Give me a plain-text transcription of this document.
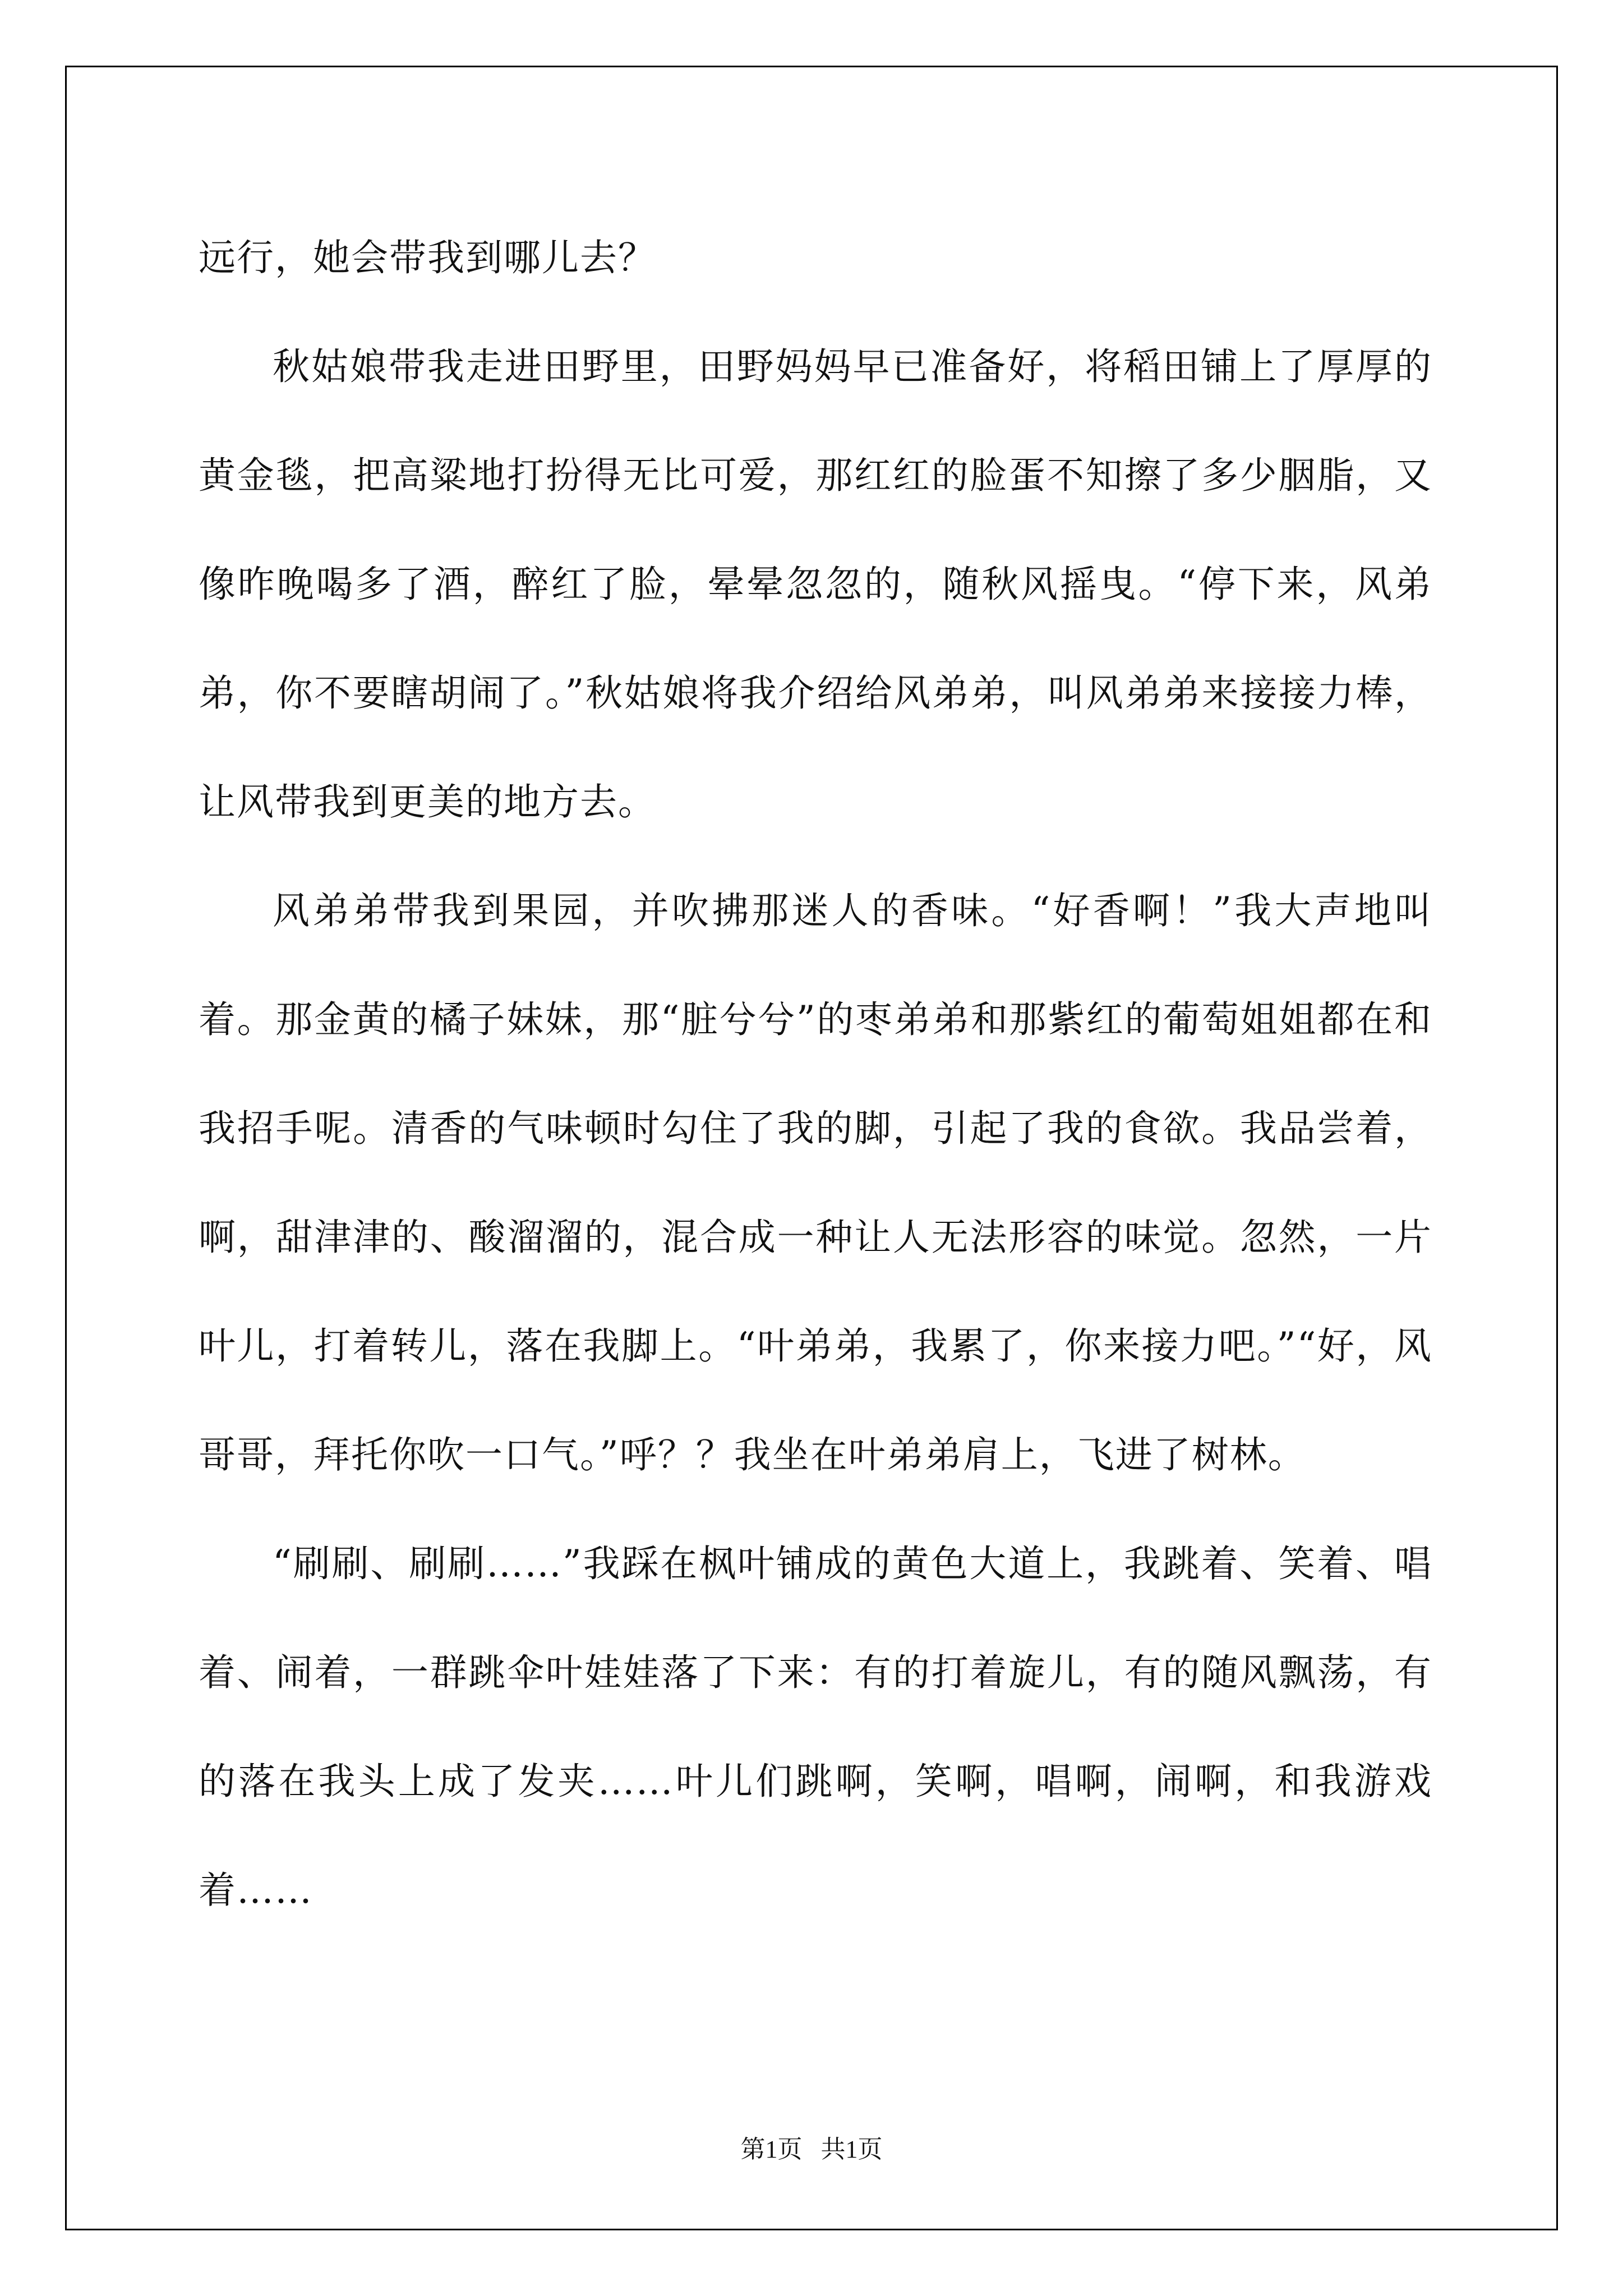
远行，她会带我到哪儿去？

秋姑娘带我走进田野里，田野妈妈早已准备好，将稻田铺上了厚厚的黄金毯，把高粱地打扮得无比可爱，那红红的脸蛋不知擦了多少胭脂，又像昨晚喝多了酒，醉红了脸，晕晕忽忽的，随秋风摇曳。“停下来，风弟弟，你不要瞎胡闹了。”秋姑娘将我介绍给风弟弟，叫风弟弟来接接力棒，让风带我到更美的地方去。

风弟弟带我到果园，并吹拂那迷人的香味。“好香啊！”我大声地叫着。那金黄的橘子妹妹，那“脏兮兮”的枣弟弟和那紫红的葡萄姐姐都在和我招手呢。清香的气味顿时勾住了我的脚，引起了我的食欲。我品尝着，啊，甜津津的、酸溜溜的，混合成一种让人无法形容的味觉。忽然，一片叶儿，打着转儿，落在我脚上。“叶弟弟，我累了，你来接力吧。”“好，风哥哥，拜托你吹一口气。”呼？？我坐在叶弟弟肩上，飞进了树林。

“刷刷、刷刷……”我踩在枫叶铺成的黄色大道上，我跳着、笑着、唱着、闹着，一群跳伞叶娃娃落了下来：有的打着旋儿，有的随风飘荡，有的落在我头上成了发夹……叶儿们跳啊，笑啊，唱啊，闹啊，和我游戏着……

第1页   共1页
